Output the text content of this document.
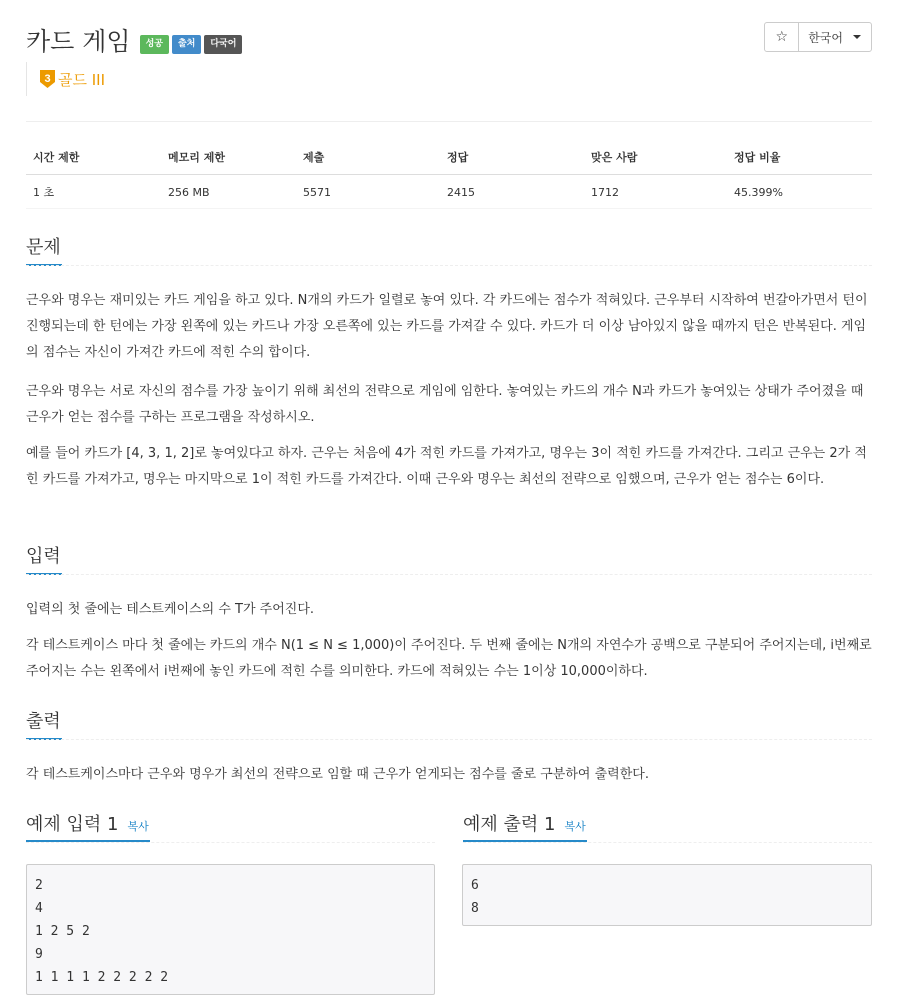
카드 게임	성공	출처	다국어	☆ 한국어
3 골드 III
시간 제한	메모리 제한	제출	정답	맞은 사람	정답 비율
1 초	256 MB	5571	2415	1712	45.399%
문제
근우와 명우는 재미있는 카드 게임을 하고 있다. N개의 카드가 일렬로 놓여 있다. 각 카드에는 점수가 적혀있다. 근우부터 시작하여 번갈아가면서 턴이 진행되는데 한 턴에는 가장 왼쪽에 있는 카드나 가장 오른쪽에 있는 카드를 가져갈 수 있다. 카드가 더 이상 남아있지 않을 때까지 턴은 반복된다. 게임의 점수는 자신이 가져간 카드에 적힌 수의 합이다.
근우와 명우는 서로 자신의 점수를 가장 높이기 위해 최선의 전략으로 게임에 임한다. 놓여있는 카드의 개수 N과 카드가 놓여있는 상태가 주어졌을 때 근우가 얻는 점수를 구하는 프로그램을 작성하시오.
예를 들어 카드가 [4, 3, 1, 2]로 놓여있다고 하자. 근우는 처음에 4가 적힌 카드를 가져가고, 명우는 3이 적힌 카드를 가져간다. 그리고 근우는 2가 적힌 카드를 가져가고, 명우는 마지막으로 1이 적힌 카드를 가져간다. 이때 근우와 명우는 최선의 전략으로 임했으며, 근우가 얻는 점수는 6이다.
입력
입력의 첫 줄에는 테스트케이스의 수 T가 주어진다.
각 테스트케이스 마다 첫 줄에는 카드의 개수 N(1 ≤ N ≤ 1,000)이 주어진다. 두 번째 줄에는 N개의 자연수가 공백으로 구분되어 주어지는데, i번째로 주어지는 수는 왼쪽에서 i번째에 놓인 카드에 적힌 수를 의미한다. 카드에 적혀있는 수는 1이상 10,000이하다.
출력
각 테스트케이스마다 근우와 명우가 최선의 전략으로 임할 때 근우가 얻게되는 점수를 줄로 구분하여 출력한다.
예제 입력 1 복사
2
4
1 2 5 2
9
1 1 1 1 2 2 2 2 2
예제 출력 1 복사
6
8
